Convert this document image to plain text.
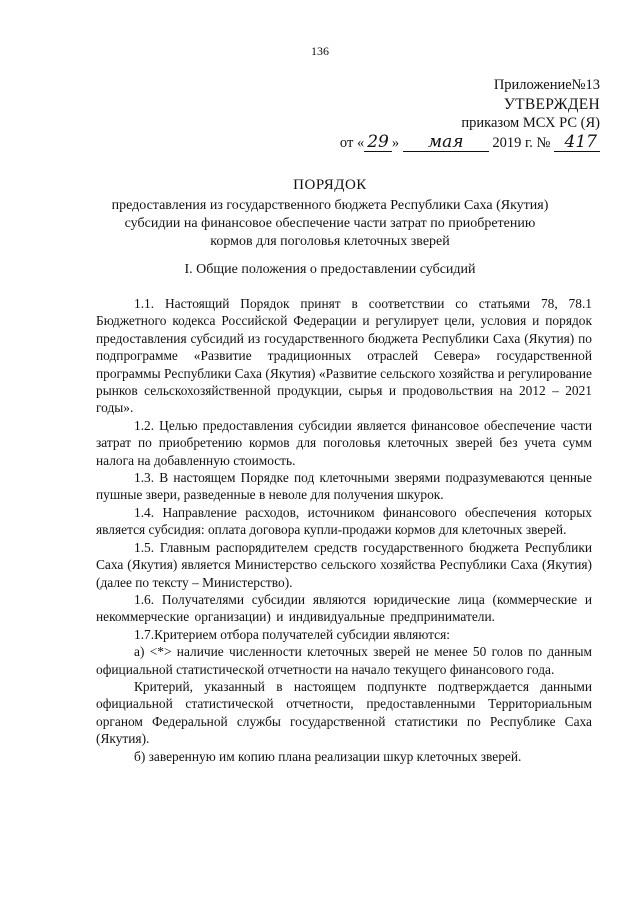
136
Приложение№13
УТВЕРЖДЕН
приказом МСХ РС (Я)
от « 29 » мая 2019 г. № 417
ПОРЯДОК
предоставления из государственного бюджета Республики Саха (Якутия)
субсидии на финансовое обеспечение части затрат по приобретению
кормов для поголовья клеточных зверей
I. Общие положения о предоставлении субсидий

1.1. Настоящий Порядок принят в соответствии со статьями 78, 78.1 Бюджетного кодекса Российской Федерации и регулирует цели, условия и порядок предоставления субсидий из государственного бюджета Республики Саха (Якутия) по подпрограмме «Развитие традиционных отраслей Севера» государственной программы Республики Саха (Якутия) «Развитие сельского хозяйства и регулирование рынков сельскохозяйственной продукции, сырья и продовольствия на 2012 – 2021 годы».

1.2. Целью предоставления субсидии является финансовое обеспечение части затрат по приобретению кормов для поголовья клеточных зверей без учета сумм налога на добавленную стоимость.

1.3. В настоящем Порядке под клеточными зверями подразумеваются ценные пушные звери, разведенные в неволе для получения шкурок.

1.4. Направление расходов, источником финансового обеспечения которых является субсидия: оплата договора купли-продажи кормов для клеточных зверей.

1.5. Главным распорядителем средств государственного бюджета Республики Саха (Якутия) является Министерство сельского хозяйства Республики Саха (Якутия) (далее по тексту – Министерство).

1.6. Получателями субсидии являются юридические лица (коммерческие и некоммерческие организации) и индивидуальные предприниматели.

1.7.Критерием отбора получателей субсидии являются:

а) <*> наличие численности клеточных зверей не менее 50 голов по данным официальной статистической отчетности на начало текущего финансового года.

Критерий, указанный в настоящем подпункте подтверждается данными официальной статистической отчетности, предоставленными Территориальным органом Федеральной службы государственной статистики по Республике Саха (Якутия).

б) заверенную им копию плана реализации шкур клеточных зверей.
